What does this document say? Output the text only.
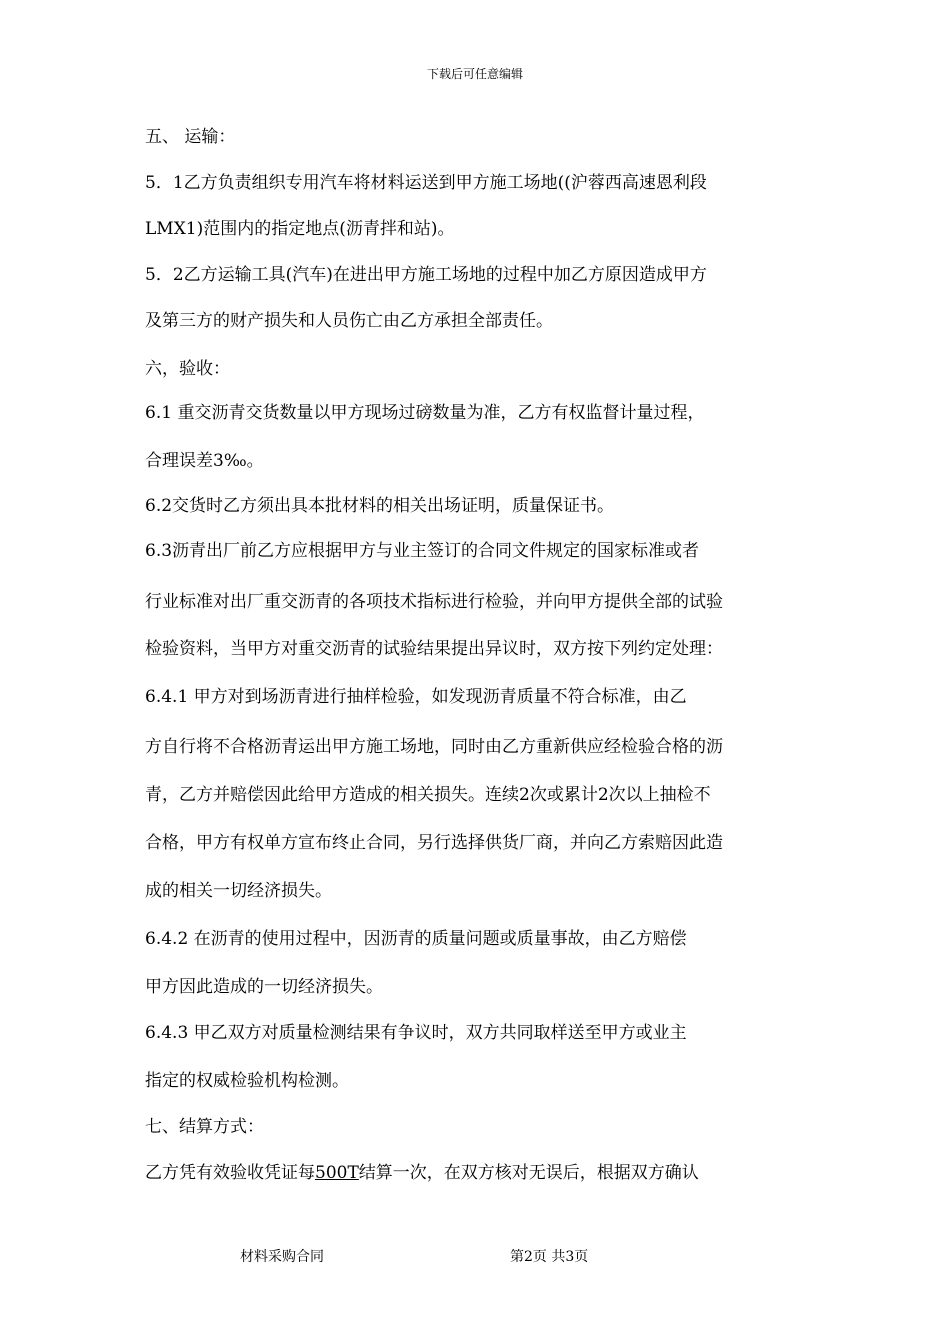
下载后可任意编辑
五、 运输：
5．1乙方负责组织专用汽车将材料运送到甲方施工场地((沪蓉西高速恩利段
LMX1)范围内的指定地点(沥青拌和站)。
5．2乙方运输工具(汽车)在进出甲方施工场地的过程中加乙方原因造成甲方
及第三方的财产损失和人员伤亡由乙方承担全部责任。
六，验收：
6.1 重交沥青交货数量以甲方现场过磅数量为准，乙方有权监督计量过程，
合理误差3‰。
6.2交货时乙方须出具本批材料的相关出场证明，质量保证书。
6.3沥青出厂前乙方应根据甲方与业主签订的合同文件规定的国家标准或者
行业标准对出厂重交沥青的各项技术指标进行检验，并向甲方提供全部的试验
检验资料，当甲方对重交沥青的试验结果提出异议时，双方按下列约定处理：
6.4.1 甲方对到场沥青进行抽样检验，如发现沥青质量不符合标准，由乙
方自行将不合格沥青运出甲方施工场地，同时由乙方重新供应经检验合格的沥
青，乙方并赔偿因此给甲方造成的相关损失。连续2次或累计2次以上抽检不
合格，甲方有权单方宣布终止合同，另行选择供货厂商，并向乙方索赔因此造
成的相关一切经济损失。
6.4.2 在沥青的使用过程中，因沥青的质量问题或质量事故，由乙方赔偿
甲方因此造成的一切经济损失。
6.4.3 甲乙双方对质量检测结果有争议时，双方共同取样送至甲方或业主
指定的权威检验机构检测。
七、结算方式：
乙方凭有效验收凭证每500T结算一次，在双方核对无误后，根据双方确认
材料采购合同	第2页 共3页
